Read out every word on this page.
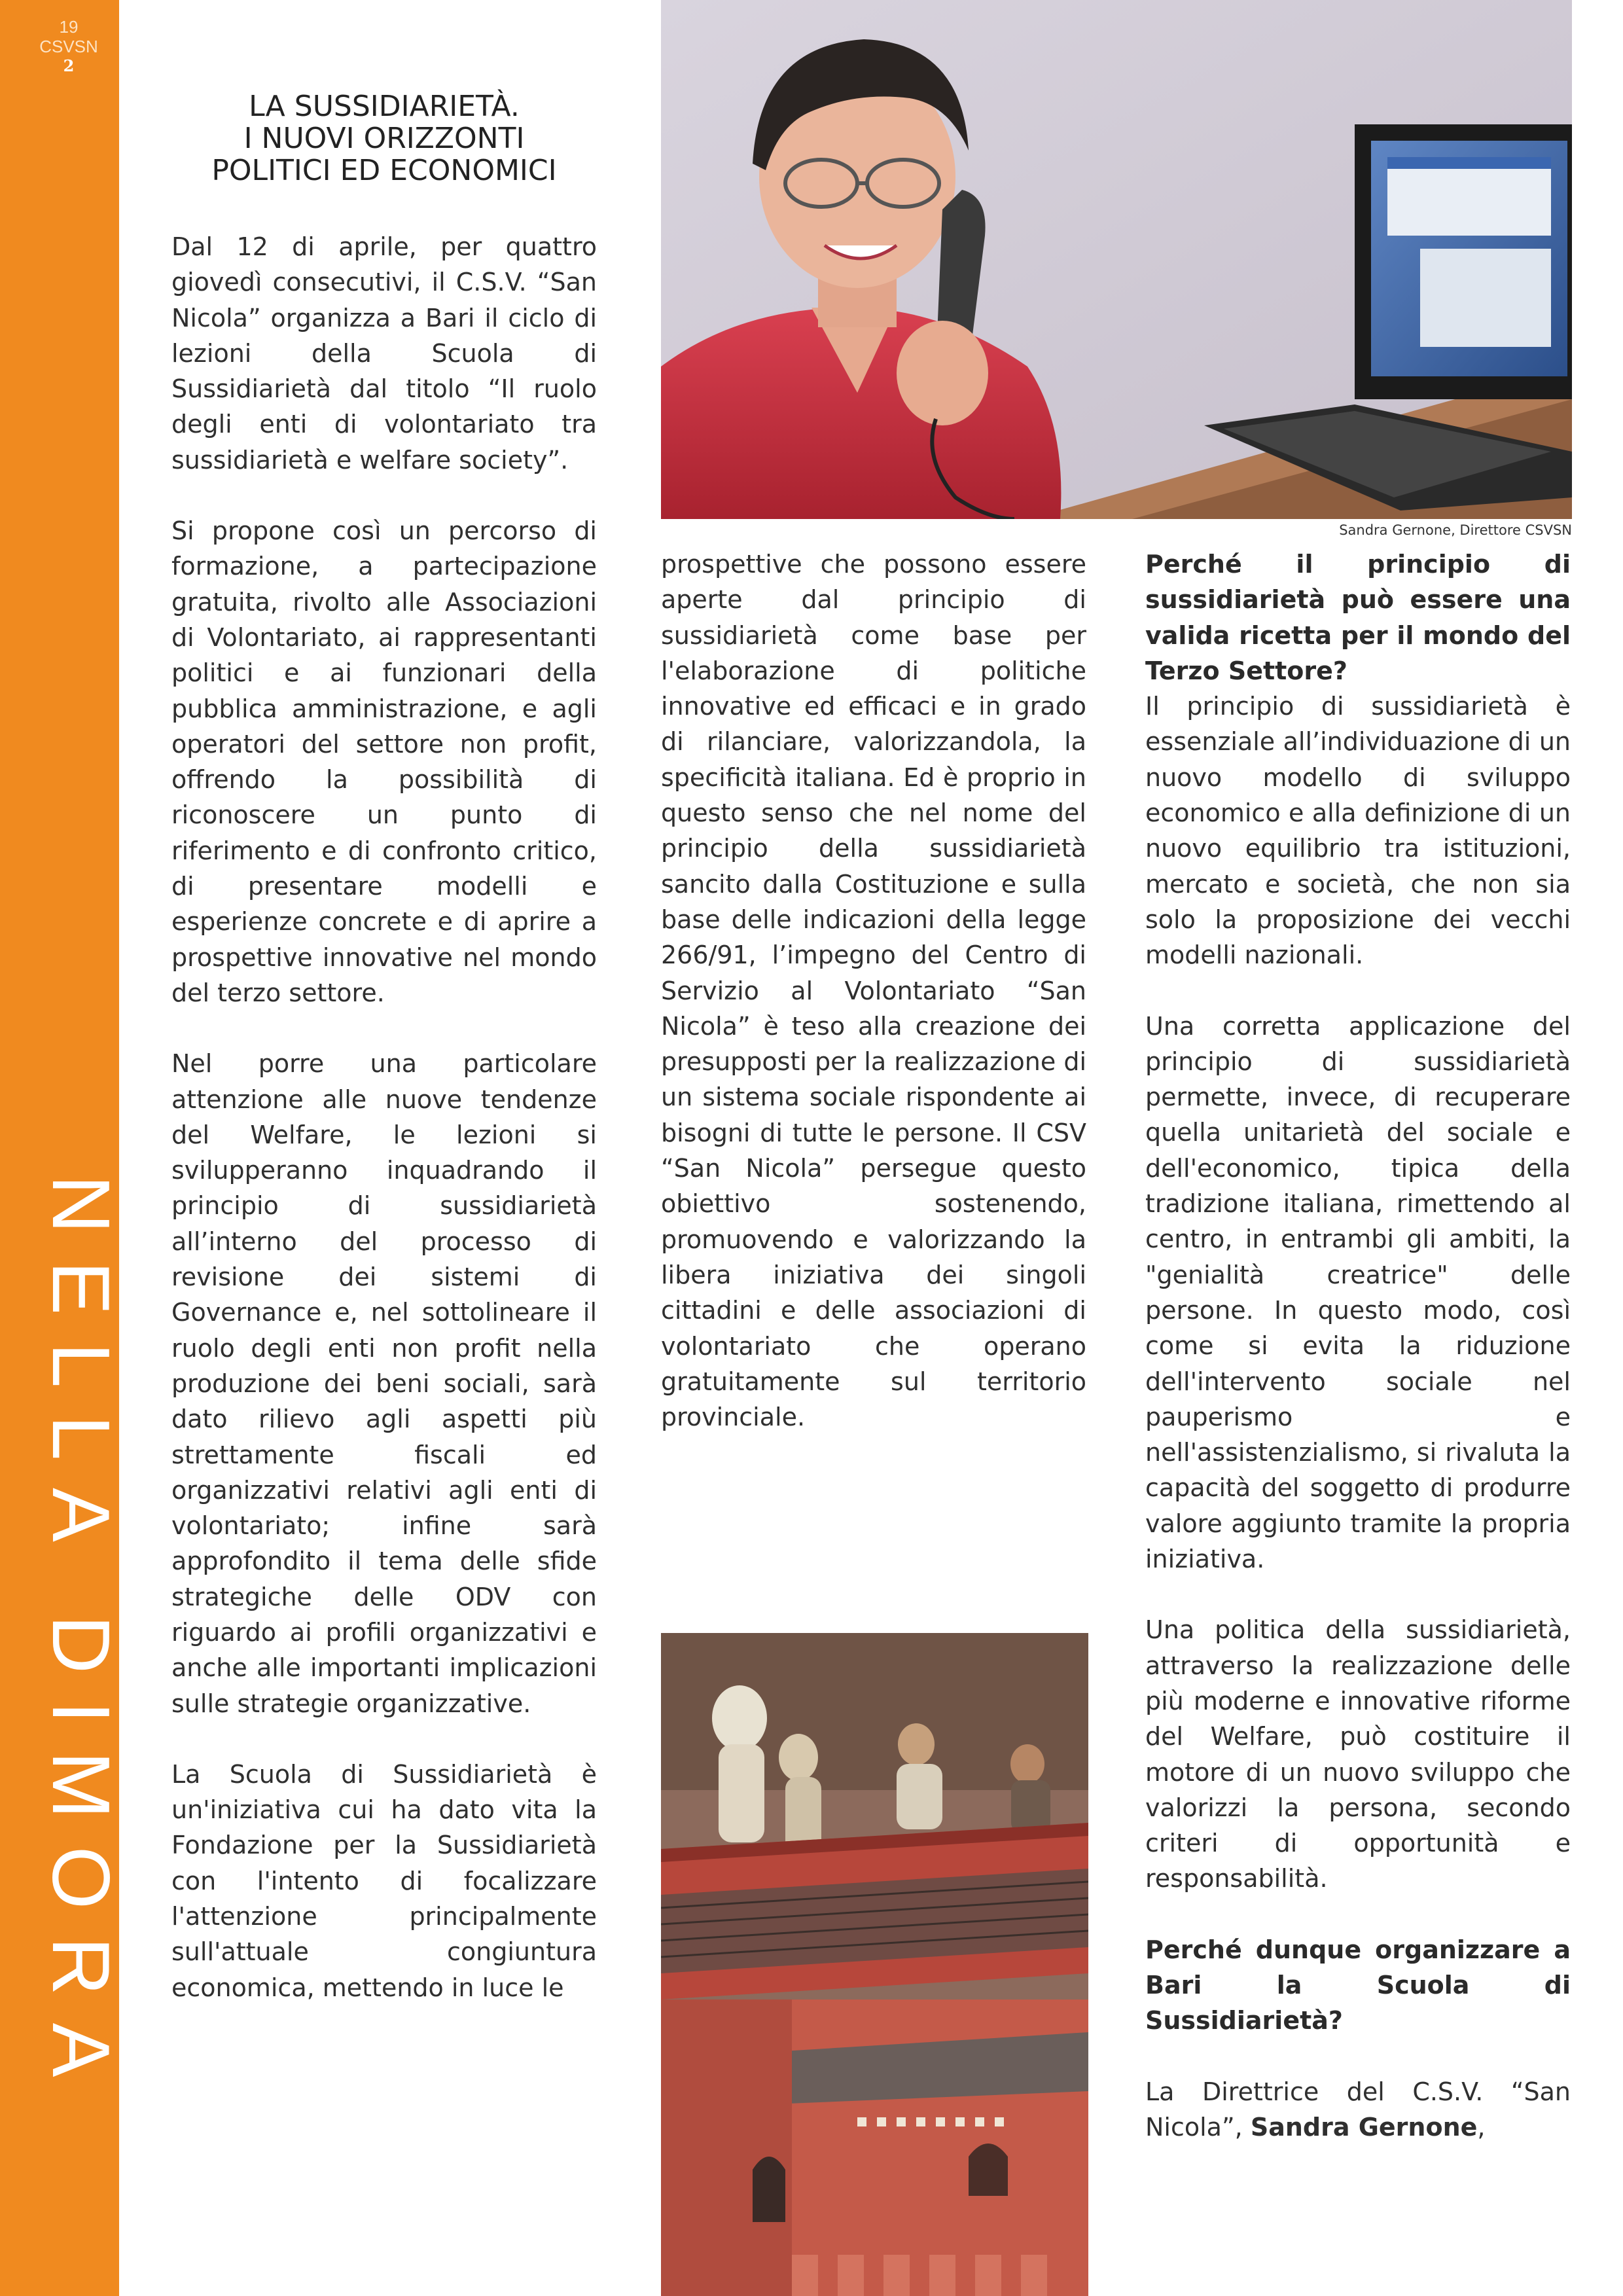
19
CSVSN
2
NELLA DIMORA
LA SUSSIDIARIETÀ.
I NUOVI ORIZZONTI
POLITICI ED ECONOMICI

Dal 12 di aprile, per quattro giovedì consecutivi, il C.S.V. “San Nicola” organizza a Bari il ciclo di lezioni della Scuola di Sussidiarietà dal titolo “Il ruolo degli enti di volontariato tra sussidiarietà e welfare society”.

Si propone così un percorso di formazione, a partecipazione gratuita, rivolto alle Associazioni di Volontariato, ai rappresentanti politici e ai funzionari della pubblica amministrazione, e agli operatori del settore non profit, offrendo la possibilità di riconoscere un punto di riferimento e di confronto critico, di presentare modelli e esperienze concrete e di aprire a prospettive innovative nel mondo del terzo settore.

Nel porre una particolare attenzione alle nuove tendenze del Welfare, le lezioni si svilupperanno inquadrando il principio di sussidiarietà all’interno del processo di revisione dei sistemi di Governance e, nel sottolineare il ruolo degli enti non profit nella produzione dei beni sociali, sarà dato rilievo agli aspetti più strettamente fiscali ed organizzativi relativi agli enti di volontariato; infine sarà approfondito il tema delle sfide strategiche delle ODV con riguardo ai profili organizzativi e anche alle importanti implicazioni sulle strategie organizzative.

La Scuola di Sussidiarietà è un'iniziativa cui ha dato vita la Fondazione per la Sussidiarietà con l'intento di focalizzare l'attenzione principalmente sull'attuale congiuntura economica, mettendo in luce le

Sandra Gernone, Direttore CSVSN

prospettive che possono essere aperte dal principio di sussidiarietà come base per l'elaborazione di politiche innovative ed efficaci e in grado di rilanciare, valorizzandola, la specificità italiana. Ed è proprio in questo senso che nel nome del principio della sussidiarietà sancito dalla Costituzione e sulla base delle indicazioni della legge 266/91, l’impegno del Centro di Servizio al Volontariato “San Nicola” è teso alla creazione dei presupposti per la realizzazione di un sistema sociale rispondente ai bisogni di tutte le persone. Il CSV “San Nicola” persegue questo obiettivo sostenendo, promuovendo e valorizzando la libera iniziativa dei singoli cittadini e delle associazioni di volontariato che operano gratuitamente sul territorio provinciale.

Perché il principio di sussidiarietà può essere una valida ricetta per il mondo del Terzo Settore?

Il principio di sussidiarietà è essenziale all’individuazione di un nuovo modello di sviluppo economico e alla definizione di un nuovo equilibrio tra istituzioni, mercato e società, che non sia solo la proposizione dei vecchi modelli nazionali.

Una corretta applicazione del principio di sussidiarietà permette, invece, di recuperare quella unitarietà del sociale e dell'economico, tipica della tradizione italiana, rimettendo al centro, in entrambi gli ambiti, la "genialità creatrice" delle persone. In questo modo, così come si evita la riduzione dell'intervento sociale nel pauperismo e nell'assistenzialismo, si rivaluta la capacità del soggetto di produrre valore aggiunto tramite la propria iniziativa.

Una politica della sussidiarietà, attraverso la realizzazione delle più moderne e innovative riforme del Welfare, può costituire il motore di un nuovo sviluppo che valorizzi la persona, secondo criteri di opportunità e responsabilità.

Perché dunque organizzare a Bari la Scuola di Sussidiarietà?

La Direttrice del C.S.V. “San Nicola”, Sandra Gernone,
